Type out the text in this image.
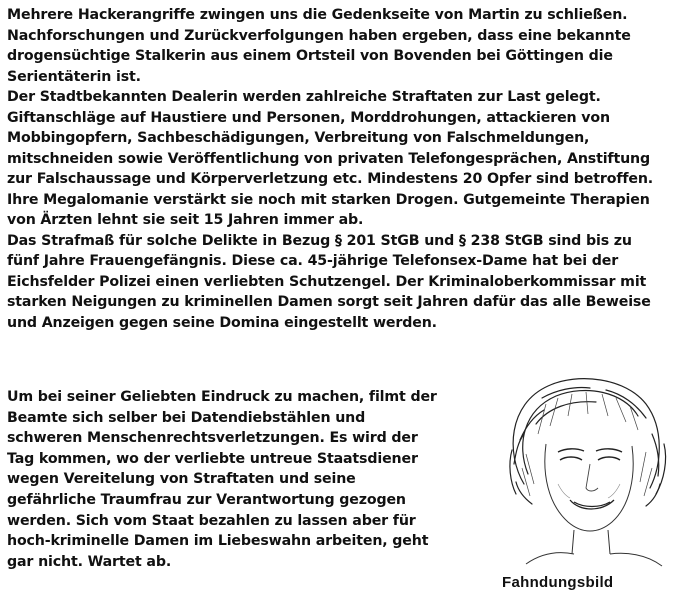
Mehrere Hackerangriffe zwingen uns die Gedenkseite von Martin zu schließen.
Nachforschungen und Zurückverfolgungen haben ergeben, dass eine bekannte
drogensüchtige Stalkerin aus einem Ortsteil von Bovenden bei Göttingen die
Serientäterin ist.
Der Stadtbekannten Dealerin werden zahlreiche Straftaten zur Last gelegt.
Giftanschläge auf Haustiere und Personen, Morddrohungen, attackieren von
Mobbingopfern, Sachbeschädigungen, Verbreitung von Falschmeldungen,
mitschneiden sowie Veröffentlichung von privaten Telefongesprächen, Anstiftung
zur Falschaussage und Körperverletzung etc. Mindestens 20 Opfer sind betroffen.
Ihre Megalomanie verstärkt sie noch mit starken Drogen. Gutgemeinte Therapien
von Ärzten lehnt sie seit 15 Jahren immer ab.
Das Strafmaß für solche Delikte in Bezug § 201 StGB und § 238 StGB sind bis zu
fünf Jahre Frauengefängnis. Diese ca. 45-jährige Telefonsex-Dame hat bei der
Eichsfelder Polizei einen verliebten Schutzengel. Der Kriminaloberkommissar mit
starken Neigungen zu kriminellen Damen sorgt seit Jahren dafür das alle Beweise
und Anzeigen gegen seine Domina eingestellt werden.
Um bei seiner Geliebten Eindruck zu machen, filmt der
Beamte sich selber bei Datendiebstählen und
schweren Menschenrechtsverletzungen. Es wird der
Tag kommen, wo der verliebte untreue Staatsdiener
wegen Vereitelung von Straftaten und seine
gefährliche Traumfrau zur Verantwortung gezogen
werden. Sich vom Staat bezahlen zu lassen aber für
hoch-kriminelle Damen im Liebeswahn arbeiten, geht
gar nicht. Wartet ab.
Fahndungsbild
